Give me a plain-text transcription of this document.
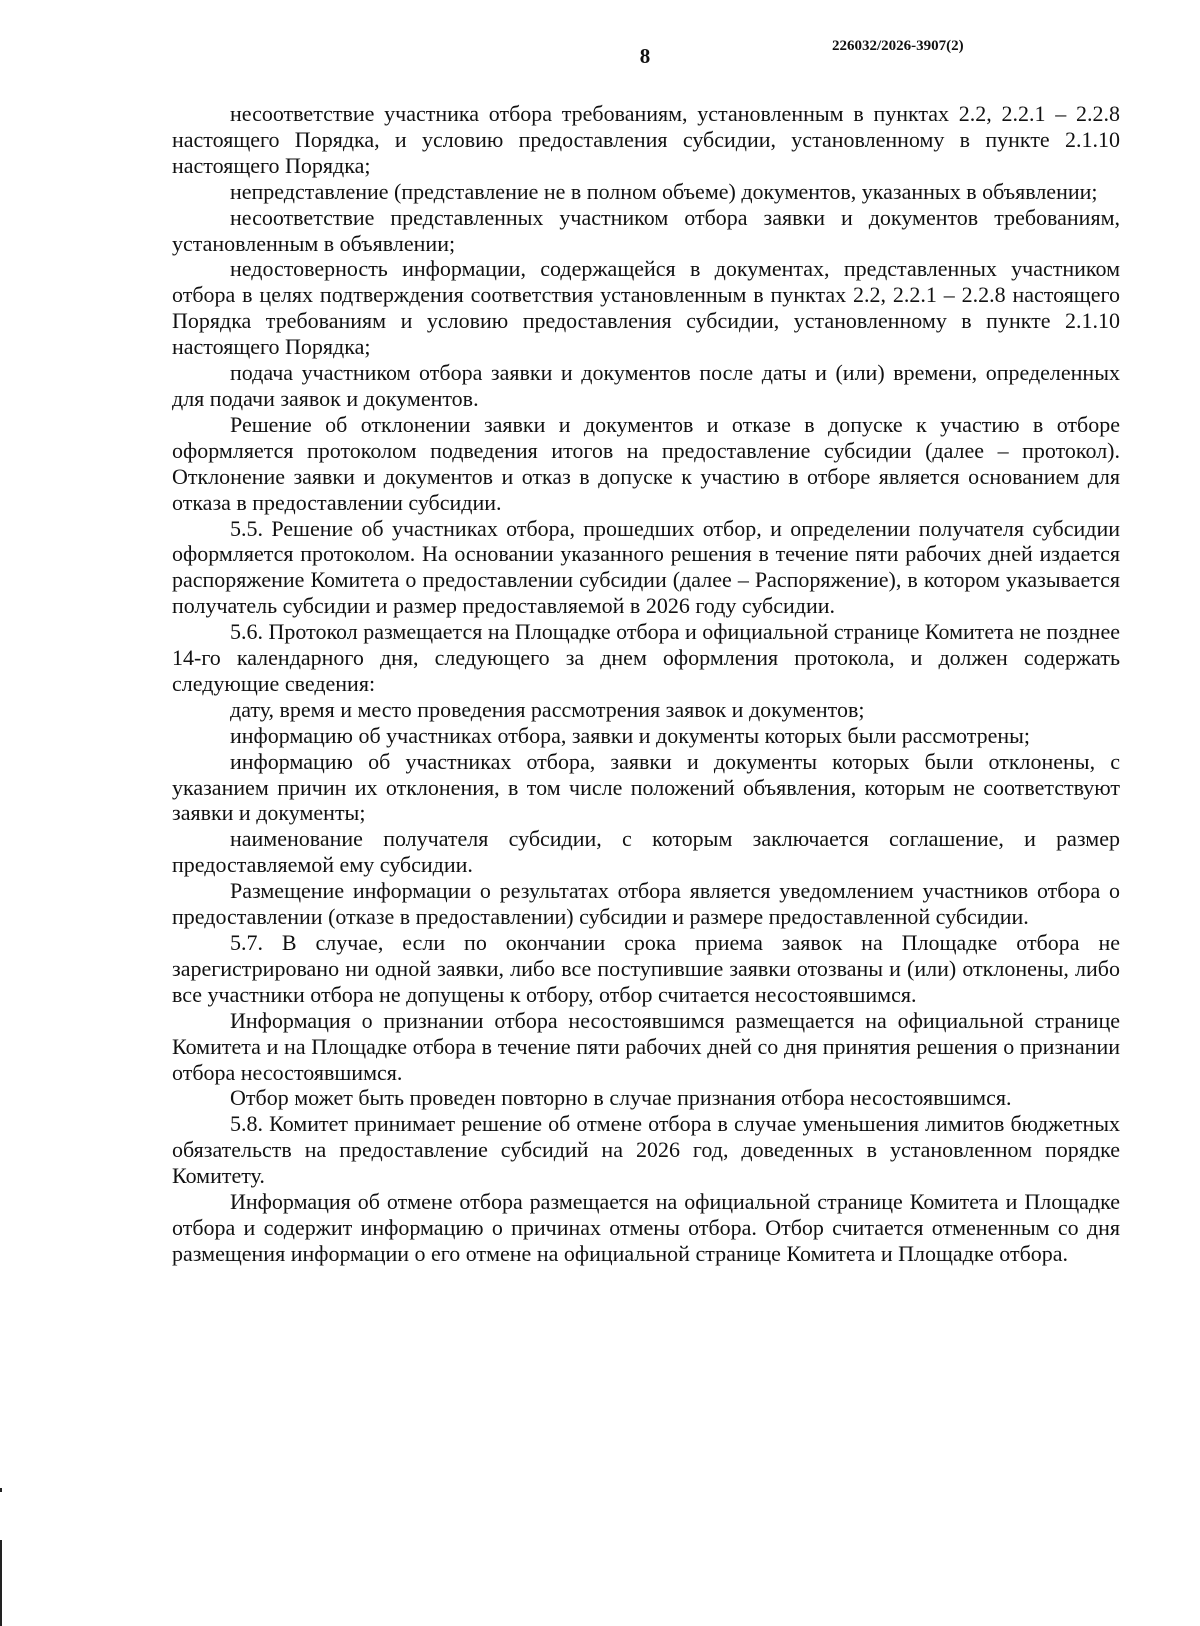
8	226032/2026-3907(2)

несоответствие участника отбора требованиям, установленным в пунктах 2.2, 2.2.1 – 2.2.8 настоящего Порядка, и условию предоставления субсидии, установленному в пункте 2.1.10 настоящего Порядка;

непредставление (представление не в полном объеме) документов, указанных в объявлении;

несоответствие представленных участником отбора заявки и документов требованиям, установленным в объявлении;

недостоверность информации, содержащейся в документах, представленных участником отбора в целях подтверждения соответствия установленным в пунктах 2.2, 2.2.1 – 2.2.8 настоящего Порядка требованиям и условию предоставления субсидии, установленному в пункте 2.1.10 настоящего Порядка;

подача участником отбора заявки и документов после даты и (или) времени, определенных для подачи заявок и документов.

Решение об отклонении заявки и документов и отказе в допуске к участию в отборе оформляется протоколом подведения итогов на предоставление субсидии (далее – протокол). Отклонение заявки и документов и отказ в допуске к участию в отборе является основанием для отказа в предоставлении субсидии.

5.5. Решение об участниках отбора, прошедших отбор, и определении получателя субсидии оформляется протоколом. На основании указанного решения в течение пяти рабочих дней издается распоряжение Комитета о предоставлении субсидии (далее – Распоряжение), в котором указывается получатель субсидии и размер предоставляемой в 2026 году субсидии.

5.6. Протокол размещается на Площадке отбора и официальной странице Комитета не позднее 14-го календарного дня, следующего за днем оформления протокола, и должен содержать следующие сведения:

дату, время и место проведения рассмотрения заявок и документов;

информацию об участниках отбора, заявки и документы которых были рассмотрены;

информацию об участниках отбора, заявки и документы которых были отклонены, с указанием причин их отклонения, в том числе положений объявления, которым не соответствуют заявки и документы;

наименование получателя субсидии, с которым заключается соглашение, и размер предоставляемой ему субсидии.

Размещение информации о результатах отбора является уведомлением участников отбора о предоставлении (отказе в предоставлении) субсидии и размере предоставленной субсидии.

5.7. В случае, если по окончании срока приема заявок на Площадке отбора не зарегистрировано ни одной заявки, либо все поступившие заявки отозваны и (или) отклонены, либо все участники отбора не допущены к отбору, отбор считается несостоявшимся.

Информация о признании отбора несостоявшимся размещается на официальной странице Комитета и на Площадке отбора в течение пяти рабочих дней со дня принятия решения о признании отбора несостоявшимся.

Отбор может быть проведен повторно в случае признания отбора несостоявшимся.

5.8. Комитет принимает решение об отмене отбора в случае уменьшения лимитов бюджетных обязательств на предоставление субсидий на 2026 год, доведенных в установленном порядке Комитету.

Информация об отмене отбора размещается на официальной странице Комитета и Площадке отбора и содержит информацию о причинах отмены отбора. Отбор считается отмененным со дня размещения информации о его отмене на официальной странице Комитета и Площадке отбора.
